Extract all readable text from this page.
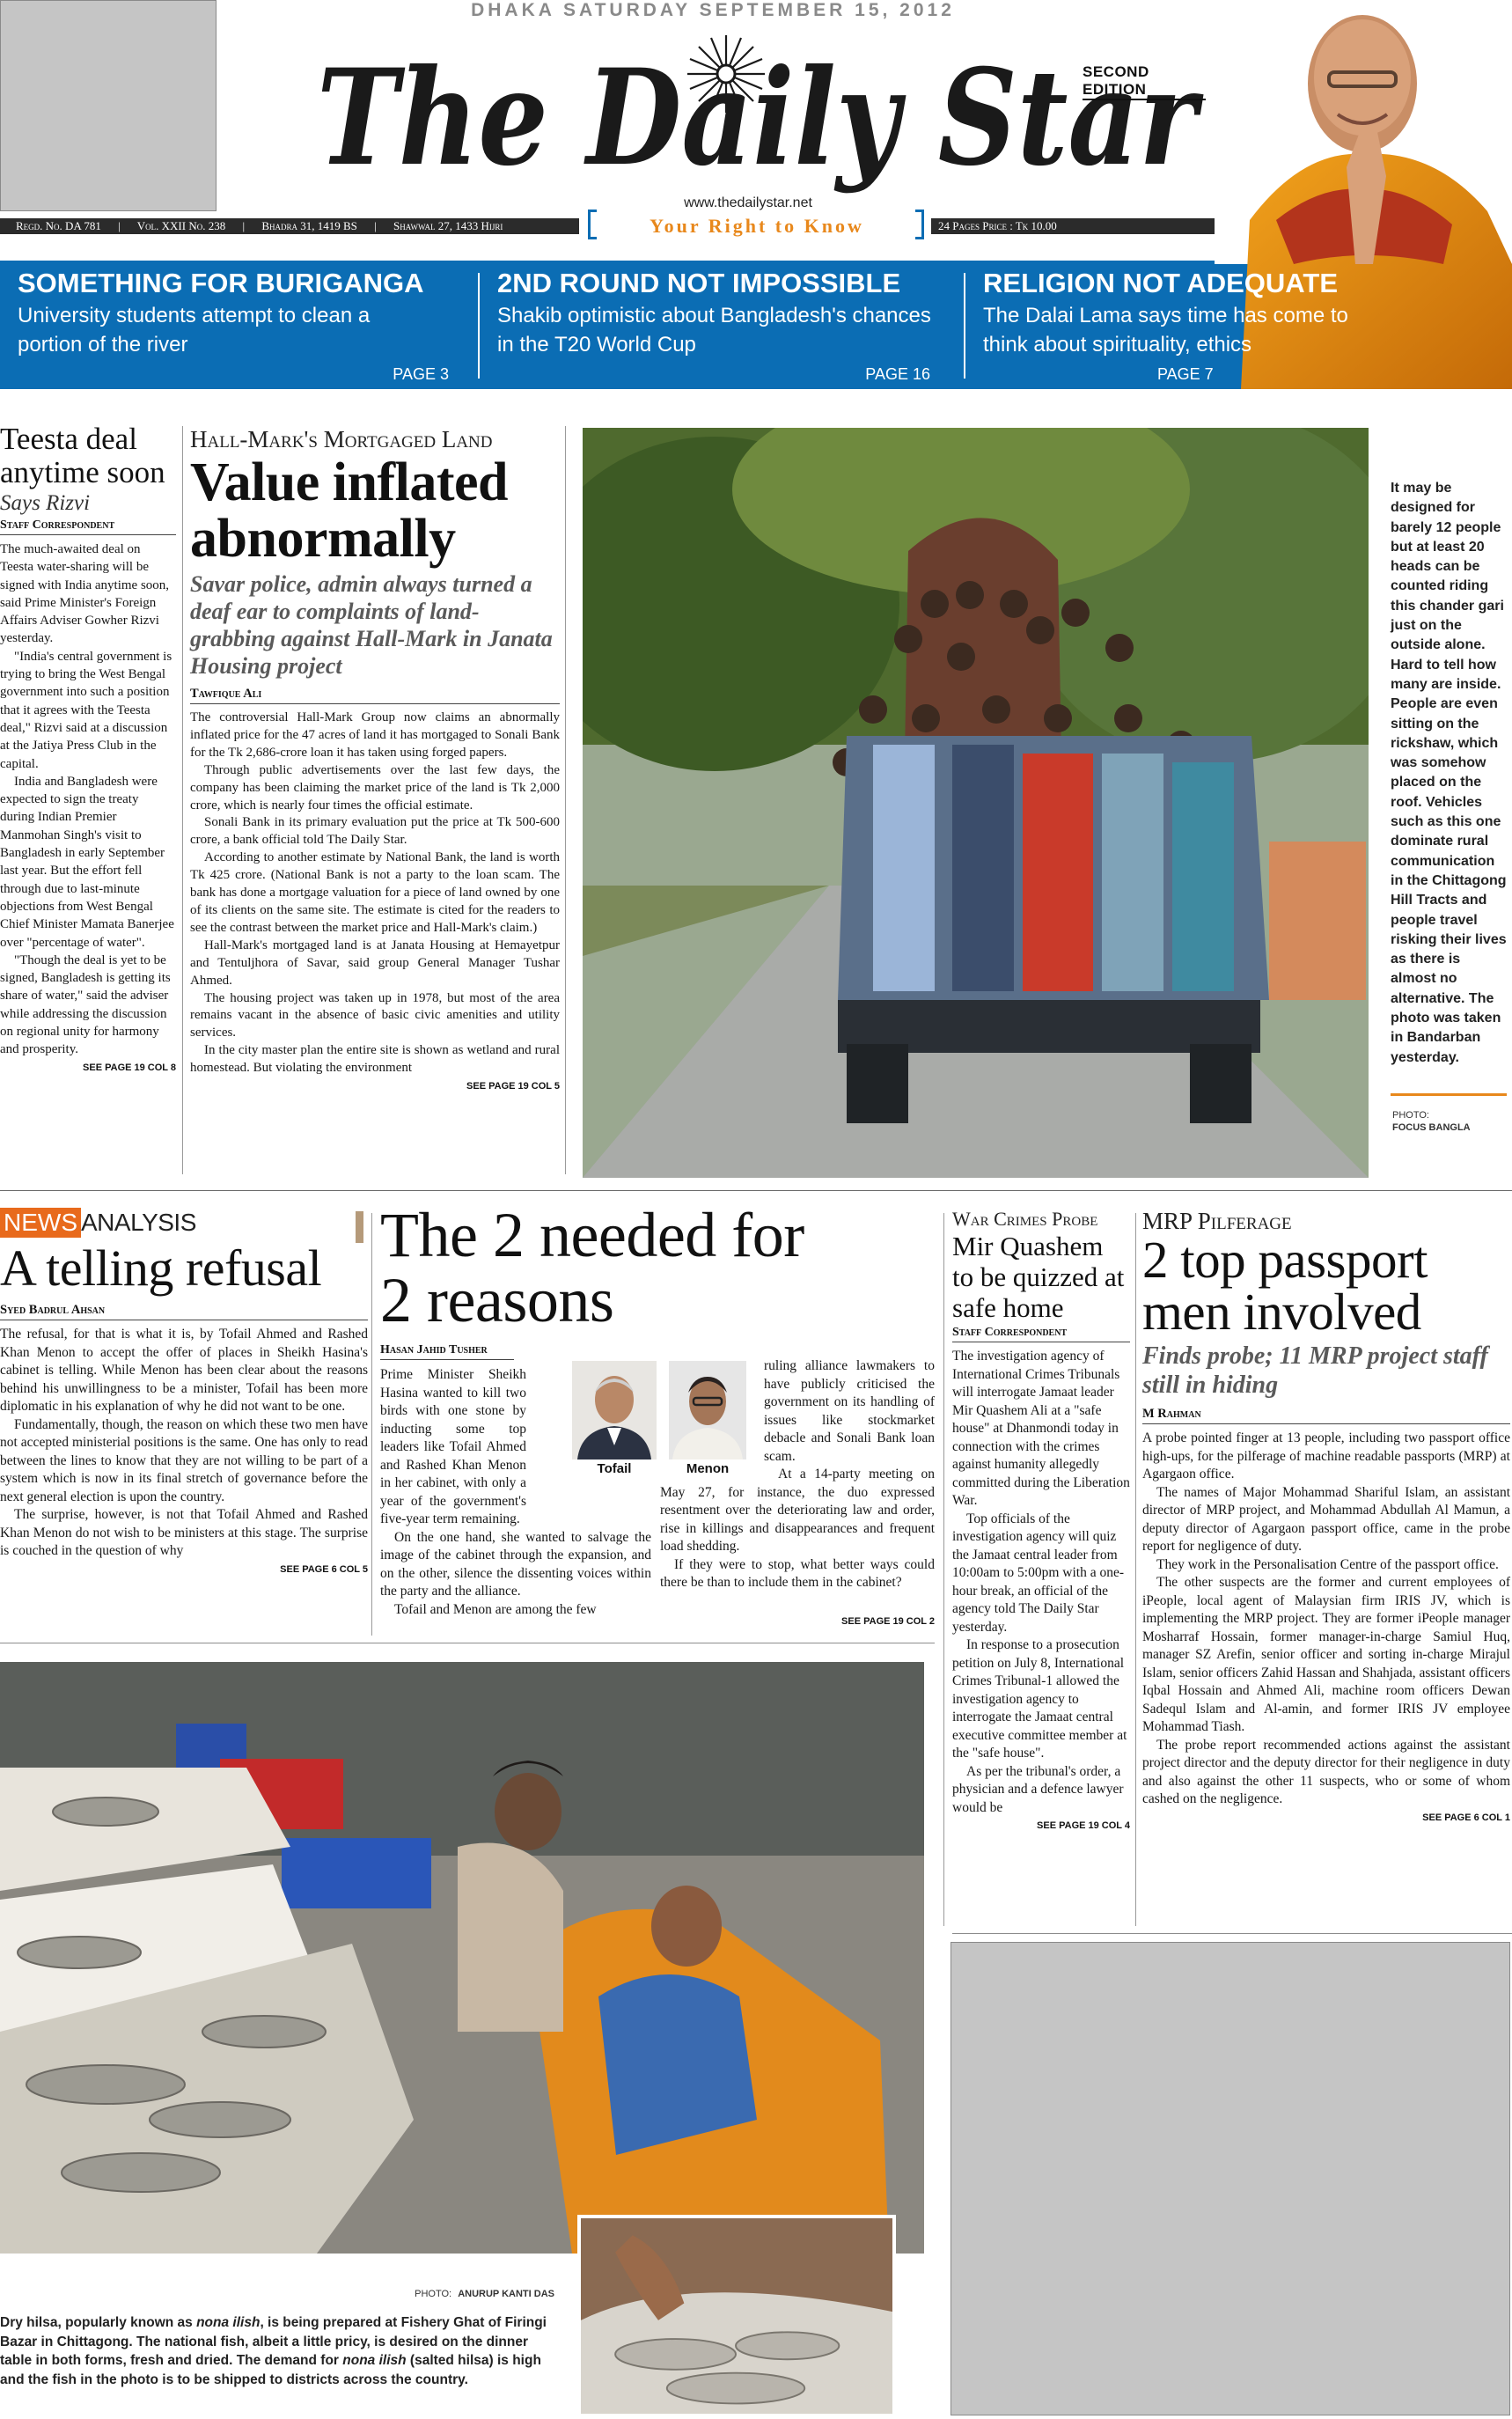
DHAKA SATURDAY SEPTEMBER 15, 2012
The Daily Star
SECOND EDITION
www.thedailystar.net
Regd. No. DA 781 | Vol. XXII No. 238 | Bhadra 31, 1419 BS | Shawwal 27, 1433 Hijri	24 Pages Price : Tk 10.00
Your Right to Know
SOMETHING FOR BURIGANGA
University students attempt to clean a portion of the river
PAGE 3
2ND ROUND NOT IMPOSSIBLE
Shakib optimistic about Bangladesh's chances in the T20 World Cup
PAGE 16
RELIGION NOT ADEQUATE
The Dalai Lama says time has come to think about spirituality, ethics
PAGE 7
Teesta deal anytime soon
Says Rizvi
Staff Correspondent

The much-awaited deal on Teesta water-sharing will be signed with India anytime soon, said Prime Minister's Foreign Affairs Adviser Gowher Rizvi yesterday.

"India's central government is trying to bring the West Bengal government into such a position that it agrees with the Teesta deal," Rizvi said at a discussion at the Jatiya Press Club in the capital.

India and Bangladesh were expected to sign the treaty during Indian Premier Manmohan Singh's visit to Bangladesh in early September last year. But the effort fell through due to last-minute objections from West Bengal Chief Minister Mamata Banerjee over "percentage of water".

"Though the deal is yet to be signed, Bangladesh is getting its share of water," said the adviser while addressing the discussion on regional unity for harmony and prosperity.

SEE PAGE 19 COL 8
Hall-Mark's Mortgaged Land
Value inflated abnormally
Savar police, admin always turned a deaf ear to complaints of land-grabbing against Hall-Mark in Janata Housing project
Tawfique Ali

The controversial Hall-Mark Group now claims an abnormally inflated price for the 47 acres of land it has mortgaged to Sonali Bank for the Tk 2,686-crore loan it has taken using forged papers.

Through public advertisements over the last few days, the company has been claiming the market price of the land is Tk 2,000 crore, which is nearly four times the official estimate.

Sonali Bank in its primary evaluation put the price at Tk 500-600 crore, a bank official told The Daily Star.

According to another estimate by National Bank, the land is worth Tk 425 crore. (National Bank is not a party to the loan scam. The bank has done a mortgage valuation for a piece of land owned by one of its clients on the same site. The estimate is cited for the readers to see the contrast between the market price and Hall-Mark's claim.)

Hall-Mark's mortgaged land is at Janata Housing at Hemayetpur and Tentuljhora of Savar, said group General Manager Tushar Ahmed.

The housing project was taken up in 1978, but most of the area remains vacant in the absence of basic civic amenities and utility services.

In the city master plan the entire site is shown as wetland and rural homestead. But violating the environment

SEE PAGE 19 COL 5
It may be designed for barely 12 people but at least 20 heads can be counted riding this chander gari just on the outside alone. Hard to tell how many are inside. People are even sitting on the rickshaw, which was somehow placed on the roof. Vehicles such as this one dominate rural communication in the Chittagong Hill Tracts and people travel risking their lives as there is almost no alternative. The photo was taken in Bandarban yesterday.
PHOTO:
FOCUS BANGLA
NEWS ANALYSIS
A telling refusal
Syed Badrul Ahsan

The refusal, for that is what it is, by Tofail Ahmed and Rashed Khan Menon to accept the offer of places in Sheikh Hasina's cabinet is telling. While Menon has been clear about the reasons behind his unwillingness to be a minister, Tofail has been more diplomatic in his explanation of why he did not want to be one.

Fundamentally, though, the reason on which these two men have not accepted ministerial positions is the same. One has only to read between the lines to know that they are not willing to be part of a system which is now in its final stretch of governance before the next general election is upon the country.

The surprise, however, is not that Tofail Ahmed and Rashed Khan Menon do not wish to be ministers at this stage. The surprise is couched in the question of why

SEE PAGE 6 COL 5
The 2 needed for 2 reasons
Hasan Jahid Tusher

Prime Minister Sheikh Hasina wanted to kill two birds with one stone by inducting some top leaders like Tofail Ahmed and Rashed Khan Menon in her cabinet, with only a year of the government's five-year term remaining.

On the one hand, she wanted to salvage the image of the cabinet through the expansion, and on the other, silence the dissenting voices within the party and the alliance.

Tofail and Menon are among the few

ruling alliance lawmakers to have publicly criticised the government on its handling of issues like stockmarket debacle and Sonali Bank loan scam.

At a 14-party meeting on May 27, for instance, the duo expressed resentment over the deteriorating law and order, rise in killings and disappearances and frequent load shedding.

If they were to stop, what better ways could there be than to include them in the cabinet?

SEE PAGE 19 COL 2
Tofail	Menon
War Crimes Probe
Mir Quashem to be quizzed at safe home
Staff Correspondent

The investigation agency of International Crimes Tribunals will interrogate Jamaat leader Mir Quashem Ali at a "safe house" at Dhanmondi today in connection with the crimes against humanity allegedly committed during the Liberation War.

Top officials of the investigation agency will quiz the Jamaat central leader from 10:00am to 5:00pm with a one-hour break, an official of the agency told The Daily Star yesterday.

In response to a prosecution petition on July 8, International Crimes Tribunal-1 allowed the investigation agency to interrogate the Jamaat central executive committee member at the "safe house".

As per the tribunal's order, a physician and a defence lawyer would be

SEE PAGE 19 COL 4
MRP Pilferage
2 top passport men involved
Finds probe; 11 MRP project staff still in hiding
M Rahman

A probe pointed finger at 13 people, including two passport office high-ups, for the pilferage of machine readable passports (MRP) at Agargaon office.

The names of Major Mohammad Shariful Islam, an assistant director of MRP project, and Mohammad Abdullah Al Mamun, a deputy director of Agargaon passport office, came in the probe report for negligence of duty.

They work in the Personalisation Centre of the passport office.

The other suspects are the former and current employees of iPeople, local agent of Malaysian firm IRIS JV, which is implementing the MRP project. They are former iPeople manager Mosharraf Hossain, former manager-in-charge Samiul Huq, manager SZ Arefin, senior officer and sorting in-charge Mirajul Islam, senior officers Zahid Hassan and Shahjada, assistant officers Iqbal Hossain and Ahmed Ali, machine room officers Dewan Sadequl Islam and Al-amin, and former IRIS JV employee Mohammad Tiash.

The probe report recommended actions against the assistant project director and the deputy director for their negligence in duty and also against the other 11 suspects, who or some of whom cashed on the negligence.

SEE PAGE 6 COL 1
PHOTO: ANURUP KANTI DAS
Dry hilsa, popularly known as nona ilish, is being prepared at Fishery Ghat of Firingi Bazar in Chittagong. The national fish, albeit a little pricy, is desired on the dinner table in both forms, fresh and dried. The demand for nona ilish (salted hilsa) is high and the fish in the photo is to be shipped to districts across the country.
